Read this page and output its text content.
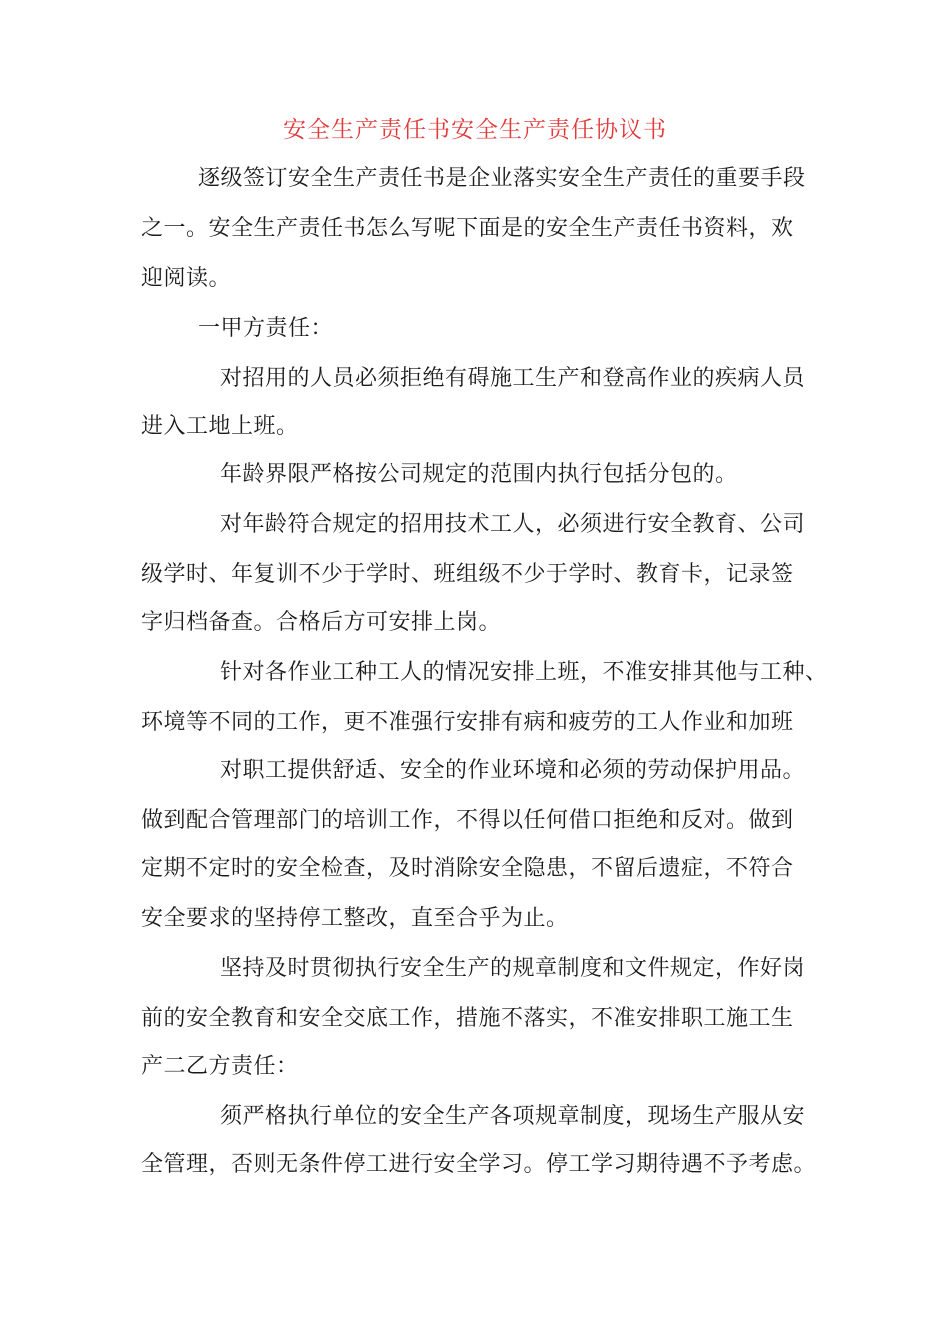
安全生产责任书安全生产责任协议书
逐级签订安全生产责任书是企业落实安全生产责任的重要手段
之一。安全生产责任书怎么写呢下面是的安全生产责任书资料，欢
迎阅读。
一甲方责任：
对招用的人员必须拒绝有碍施工生产和登高作业的疾病人员
进入工地上班。
年龄界限严格按公司规定的范围内执行包括分包的。
对年龄符合规定的招用技术工人，必须进行安全教育、公司
级学时、年复训不少于学时、班组级不少于学时、教育卡，记录签
字归档备查。合格后方可安排上岗。
针对各作业工种工人的情况安排上班，不准安排其他与工种、
环境等不同的工作，更不准强行安排有病和疲劳的工人作业和加班
对职工提供舒适、安全的作业环境和必须的劳动保护用品。
做到配合管理部门的培训工作，不得以任何借口拒绝和反对。做到
定期不定时的安全检查，及时消除安全隐患，不留后遗症，不符合
安全要求的坚持停工整改，直至合乎为止。
坚持及时贯彻执行安全生产的规章制度和文件规定，作好岗
前的安全教育和安全交底工作，措施不落实，不准安排职工施工生
产二乙方责任：
须严格执行单位的安全生产各项规章制度，现场生产服从安
全管理，否则无条件停工进行安全学习。停工学习期待遇不予考虑。
